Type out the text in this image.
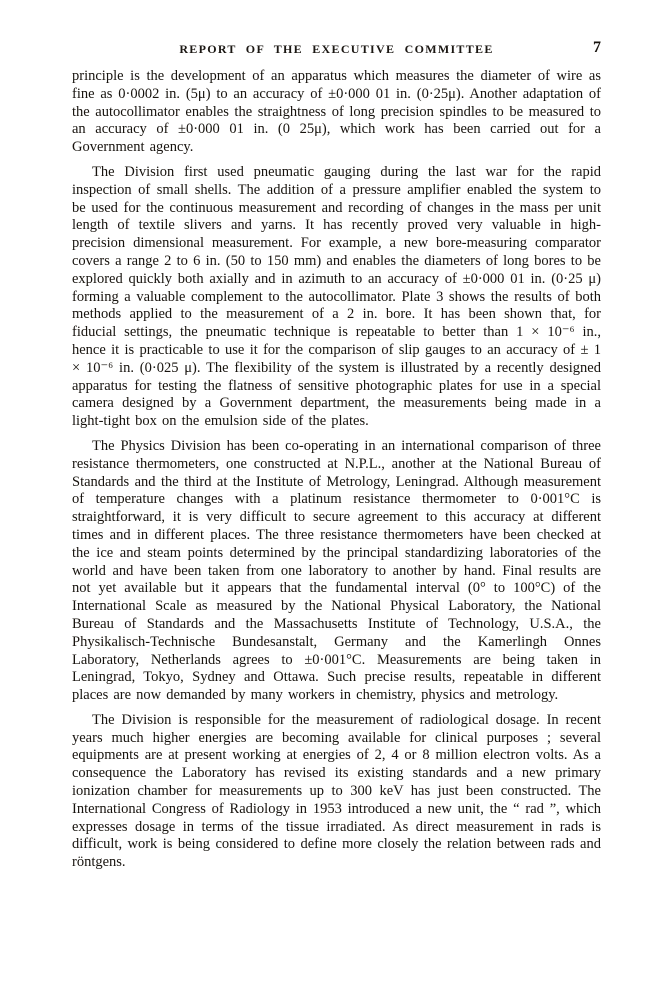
REPORT OF THE EXECUTIVE COMMITTEE	7

principle is the development of an apparatus which measures the diameter of wire as fine as 0·0002 in. (5μ) to an accuracy of ±0·000 01 in. (0·25μ). Another adaptation of the autocollimator enables the straightness of long precision spindles to be measured to an accuracy of ±0·000 01 in. (0 25μ), which work has been carried out for a Government agency.

The Division first used pneumatic gauging during the last war for the rapid inspection of small shells. The addition of a pressure amplifier enabled the system to be used for the continuous measurement and recording of changes in the mass per unit length of textile slivers and yarns. It has recently proved very valuable in high-precision dimensional measurement. For example, a new bore-measuring comparator covers a range 2 to 6 in. (50 to 150 mm) and enables the diameters of long bores to be explored quickly both axially and in azimuth to an accuracy of ±0·000 01 in. (0·25 μ) forming a valuable complement to the autocollimator. Plate 3 shows the results of both methods applied to the measurement of a 2 in. bore. It has been shown that, for fiducial settings, the pneumatic technique is repeatable to better than 1 × 10⁻⁶ in., hence it is practicable to use it for the comparison of slip gauges to an accuracy of ± 1 × 10⁻⁶ in. (0·025 μ). The flexibility of the system is illustrated by a recently designed apparatus for testing the flatness of sensitive photographic plates for use in a special camera designed by a Government department, the measurements being made in a light-tight box on the emulsion side of the plates.

The Physics Division has been co-operating in an international comparison of three resistance thermometers, one constructed at N.P.L., another at the National Bureau of Standards and the third at the Institute of Metrology, Leningrad. Although measurement of temperature changes with a platinum resistance thermometer to 0·001°C is straightforward, it is very difficult to secure agreement to this accuracy at different times and in different places. The three resistance thermometers have been checked at the ice and steam points determined by the principal standardizing laboratories of the world and have been taken from one laboratory to another by hand. Final results are not yet available but it appears that the fundamental interval (0° to 100°C) of the International Scale as measured by the National Physical Laboratory, the National Bureau of Standards and the Massachusetts Institute of Technology, U.S.A., the Physikalisch-Technische Bundesanstalt, Germany and the Kamerlingh Onnes Laboratory, Netherlands agrees to ±0·001°C. Measurements are being taken in Leningrad, Tokyo, Sydney and Ottawa. Such precise results, repeatable in different places are now demanded by many workers in chemistry, physics and metrology.

The Division is responsible for the measurement of radiological dosage. In recent years much higher energies are becoming available for clinical purposes ; several equipments are at present working at energies of 2, 4 or 8 million electron volts. As a consequence the Laboratory has revised its existing standards and a new primary ionization chamber for measurements up to 300 keV has just been constructed. The International Congress of Radiology in 1953 introduced a new unit, the “ rad ”, which expresses dosage in terms of the tissue irradiated. As direct measurement in rads is difficult, work is being considered to define more closely the relation between rads and röntgens.
